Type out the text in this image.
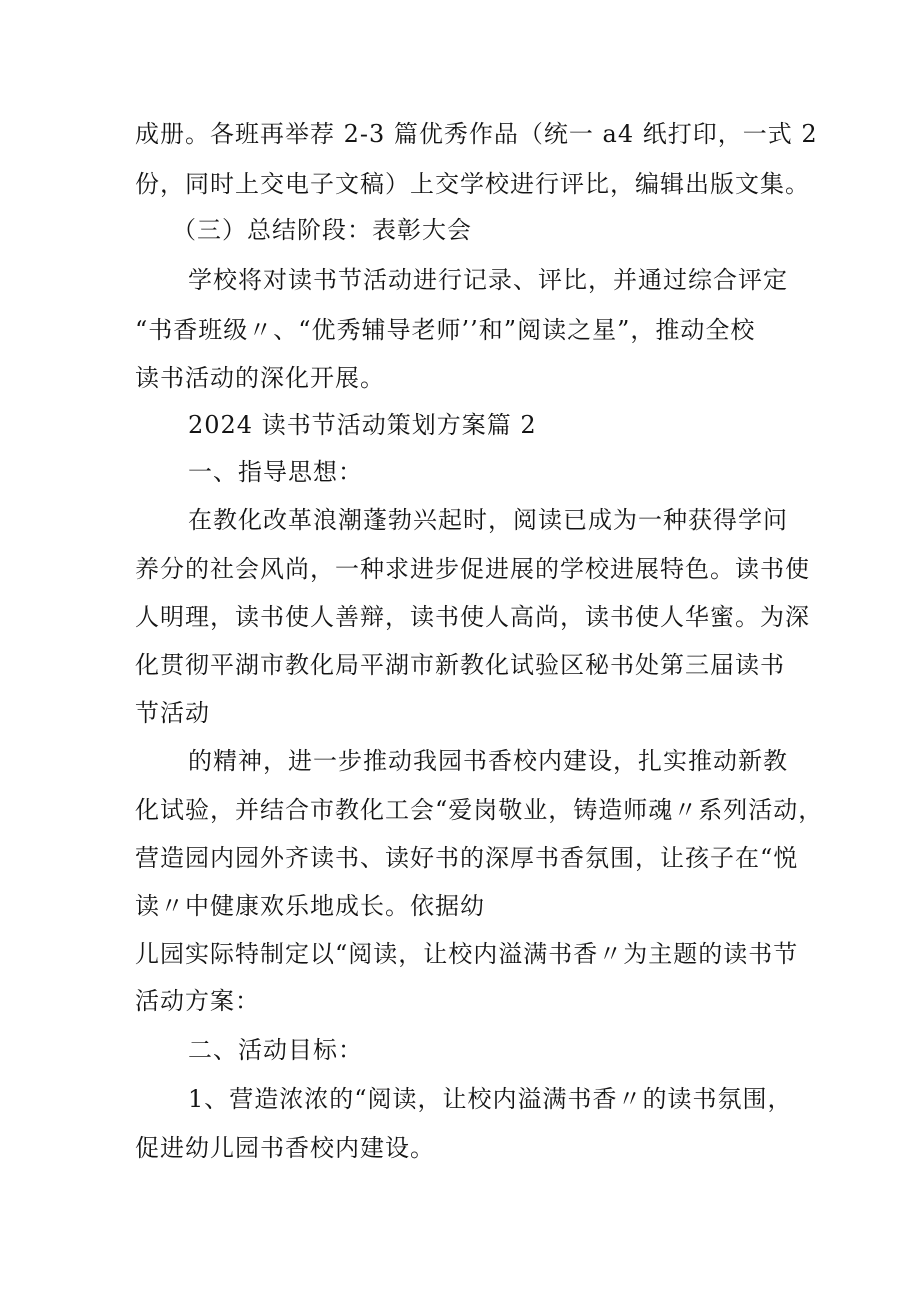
成册。各班再举荐 2-3 篇优秀作品（统一 a4 纸打印，一式 2
份，同时上交电子文稿）上交学校进行评比，编辑出版文集。
（三）总结阶段：表彰大会
学校将对读书节活动进行记录、评比，并通过综合评定
“书香班级〃、“优秀辅导老师’’和”阅读之星”，推动全校
读书活动的深化开展。
2024 读书节活动策划方案篇 2
一、指导思想：
在教化改革浪潮蓬勃兴起时，阅读已成为一种获得学问
养分的社会风尚，一种求进步促进展的学校进展特色。读书使
人明理，读书使人善辩，读书使人高尚，读书使人华蜜。为深
化贯彻平湖市教化局平湖市新教化试验区秘书处第三届读书
节活动
的精神，进一步推动我园书香校内建设，扎实推动新教
化试验，并结合市教化工会“爱岗敬业，铸造师魂〃系列活动，
营造园内园外齐读书、读好书的深厚书香氛围，让孩子在“悦
读〃中健康欢乐地成长。依据幼
儿园实际特制定以“阅读，让校内溢满书香〃为主题的读书节
活动方案：
二、活动目标：
1、营造浓浓的“阅读，让校内溢满书香〃的读书氛围，
促进幼儿园书香校内建设。
